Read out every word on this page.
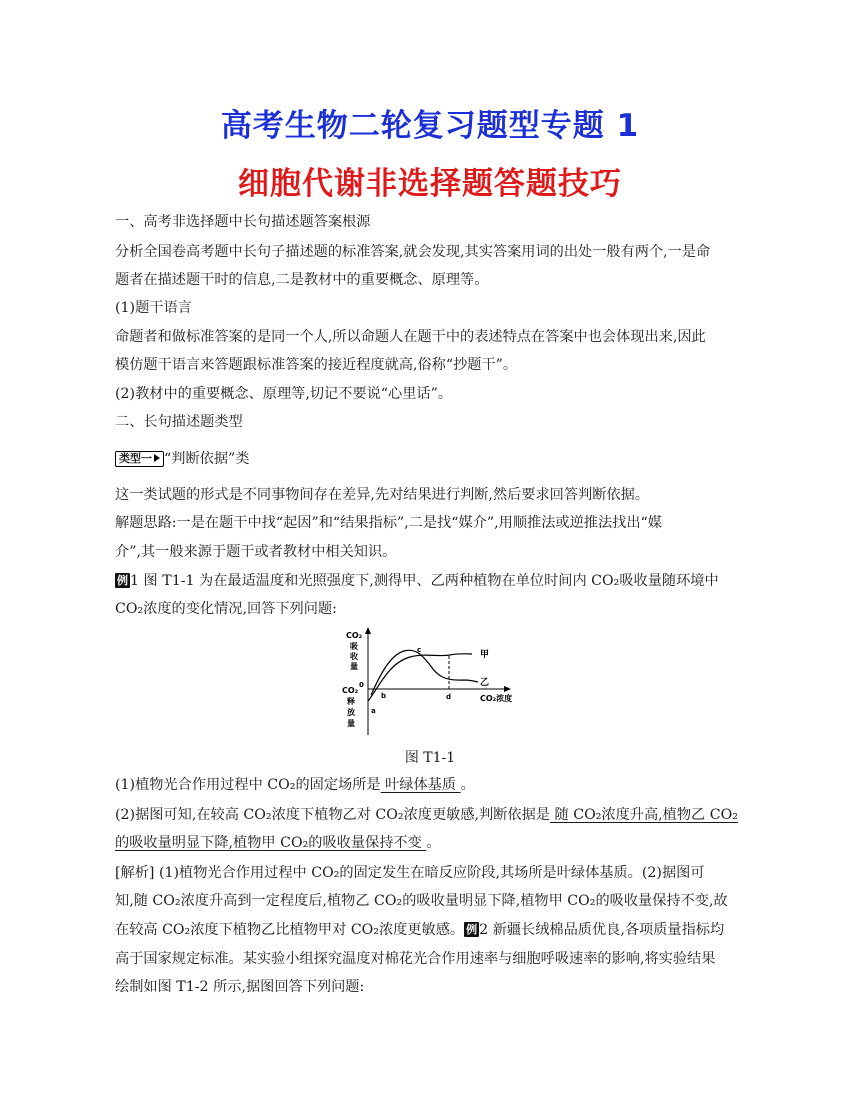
高考生物二轮复习题型专题 1
细胞代谢非选择题答题技巧
一、高考非选择题中长句描述题答案根源
分析全国卷高考题中长句子描述题的标准答案,就会发现,其实答案用词的出处一般有两个,一是命
题者在描述题干时的信息,二是教材中的重要概念、原理等。
(1)题干语言
命题者和做标准答案的是同一个人,所以命题人在题干中的表述特点在答案中也会体现出来,因此
模仿题干语言来答题跟标准答案的接近程度就高,俗称“抄题干”。
(2)教材中的重要概念、原理等,切记不要说“心里话”。
二、长句描述题类型
类型一 “判断依据”类
这一类试题的形式是不同事物间存在差异,先对结果进行判断,然后要求回答判断依据。
解题思路:一是在题干中找“起因”和“结果指标”,二是找“媒介”,用顺推法或逆推法找出“媒
介”,其一般来源于题干或者教材中相关知识。
例 1 图 T1-1 为在最适温度和光照强度下,测得甲、乙两种植物在单位时间内 CO₂吸收量随环境中
CO₂浓度的变化情况,回答下列问题:
CO₂
吸
收
量
CO₂
0
释
放
量
CO₂浓度
甲
乙
a
b
c
d
图 T1-1
(1)植物光合作用过程中 CO₂的固定场所是 叶绿体基质 。
(2)据图可知,在较高 CO₂浓度下植物乙对 CO₂浓度更敏感,判断依据是 随 CO₂浓度升高,植物乙 CO₂
的吸收量明显下降,植物甲 CO₂的吸收量保持不变 。
[解析] (1)植物光合作用过程中 CO₂的固定发生在暗反应阶段,其场所是叶绿体基质。(2)据图可
知,随 CO₂浓度升高到一定程度后,植物乙 CO₂的吸收量明显下降,植物甲 CO₂的吸收量保持不变,故
在较高 CO₂浓度下植物乙比植物甲对 CO₂浓度更敏感。 例 2 新疆长绒棉品质优良,各项质量指标均
高于国家规定标准。某实验小组探究温度对棉花光合作用速率与细胞呼吸速率的影响,将实验结果
绘制如图 T1-2 所示,据图回答下列问题:
